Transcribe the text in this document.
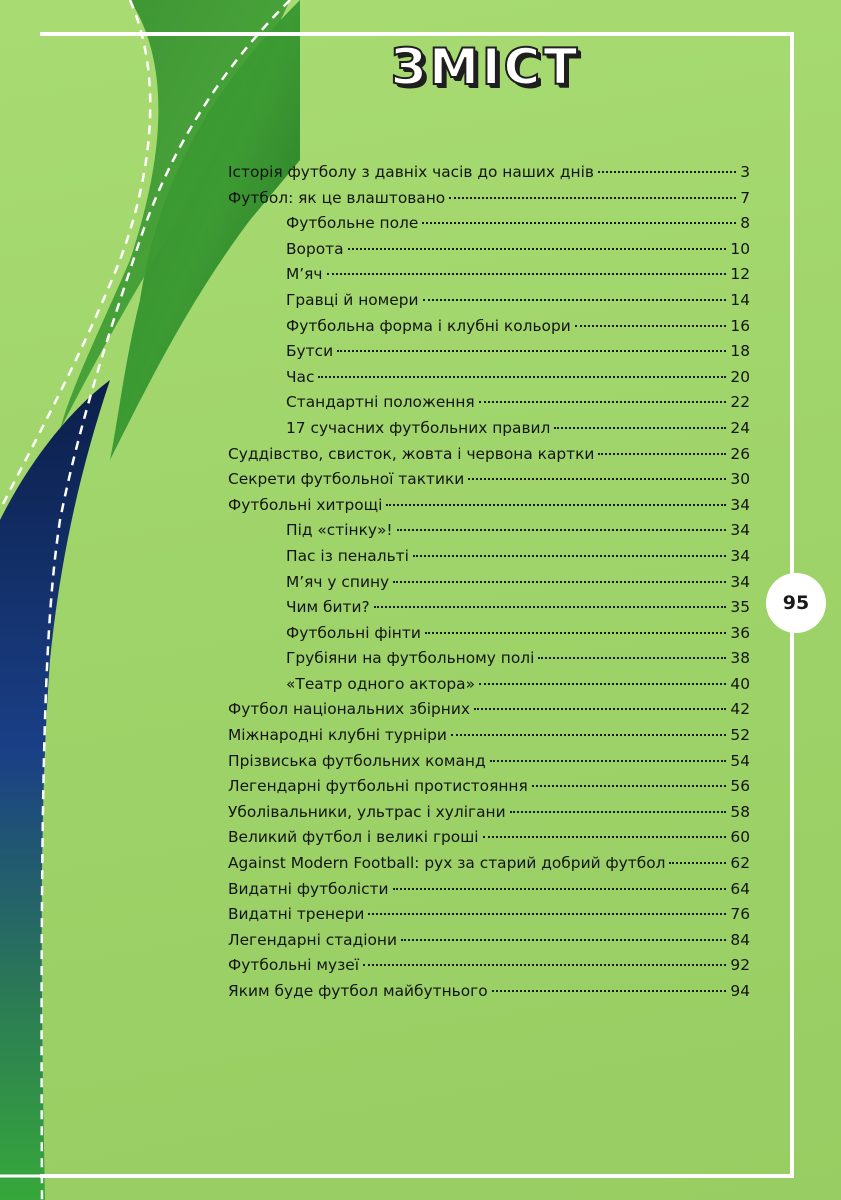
ЗМІСТ
Історія футболу з давніх часів до наших днів	3
Футбол: як це влаштовано	7
Футбольне поле	8
Ворота	10
М’яч	12
Гравці й номери	14
Футбольна форма і клубні кольори	16
Бутси	18
Час	20
Стандартні положення	22
17 сучасних футбольних правил	24
Суддівство, свисток, жовта і червона картки	26
Секрети футбольної тактики	30
Футбольні хитрощі	34
Під «стінку»!	34
Пас із пенальті	34
М’яч у спину	34
Чим бити?	35
Футбольні фінти	36
Грубіяни на футбольному полі	38
«Театр одного актора»	40
Футбол національних збірних	42
Міжнародні клубні турніри	52
Прізвиська футбольних команд	54
Легендарні футбольні протистояння	56
Уболівальники, ультрас і хулігани	58
Великий футбол і великі гроші	60
Against Modern Football: рух за старий добрий футбол	62
Видатні футболісти	64
Видатні тренери	76
Легендарні стадіони	84
Футбольні музеї	92
Яким буде футбол майбутнього	94
95
